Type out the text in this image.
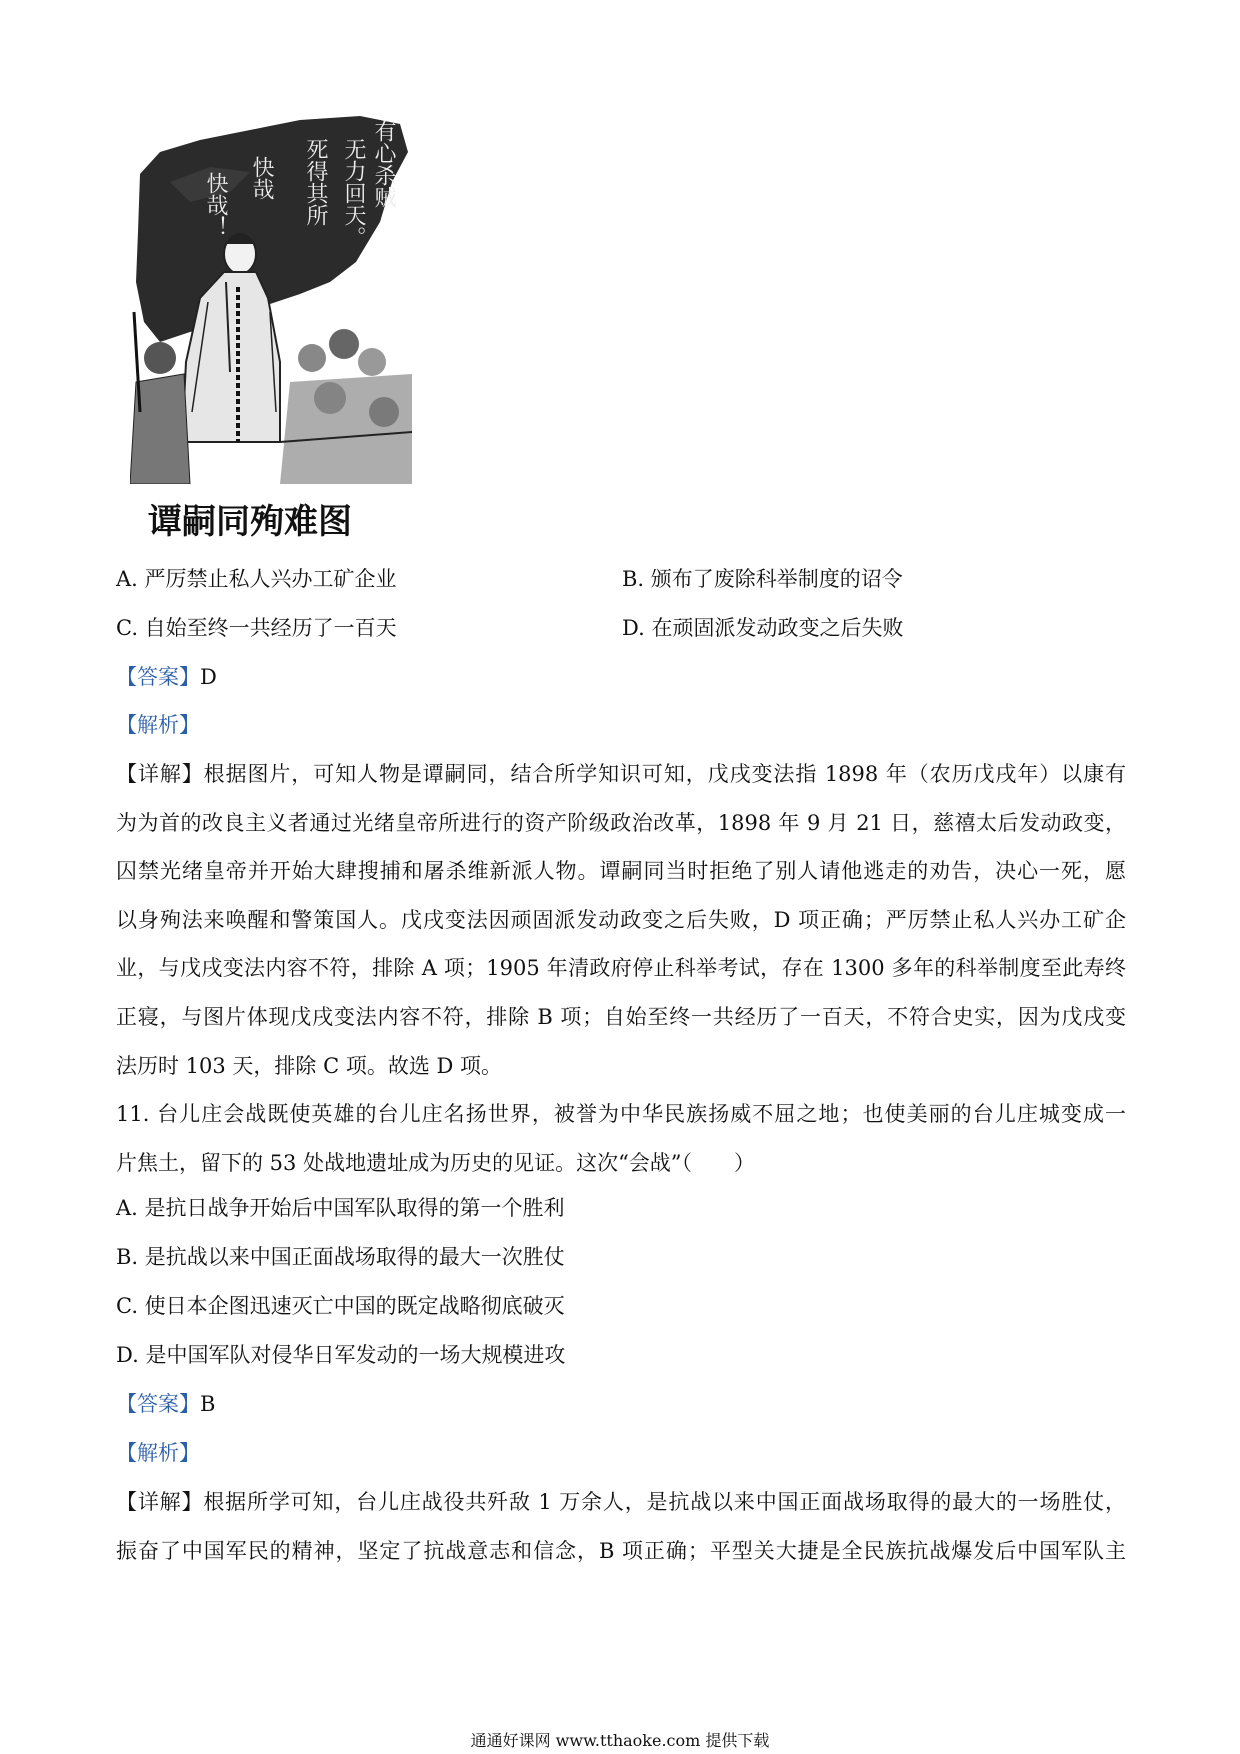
有心杀贼
无力回天。
死得其所
快哉
快哉！
谭嗣同殉难图
A. 严厉禁止私人兴办工矿企业	B. 颁布了废除科举制度的诏令
C. 自始至终一共经历了一百天	D. 在顽固派发动政变之后失败
【答案】D
【解析】
【详解】根据图片，可知人物是谭嗣同，结合所学知识可知，戊戌变法指 1898 年（农历戊戌年）以康有
为为首的改良主义者通过光绪皇帝所进行的资产阶级政治改革，1898 年 9 月 21 日，慈禧太后发动政变，
囚禁光绪皇帝并开始大肆搜捕和屠杀维新派人物。谭嗣同当时拒绝了别人请他逃走的劝告，决心一死，愿
以身殉法来唤醒和警策国人。戊戌变法因顽固派发动政变之后失败，D 项正确；严厉禁止私人兴办工矿企
业，与戊戌变法内容不符，排除 A 项；1905 年清政府停止科举考试，存在 1300 多年的科举制度至此寿终
正寝，与图片体现戊戌变法内容不符，排除 B 项；自始至终一共经历了一百天，不符合史实，因为戊戌变
法历时 103 天，排除 C 项。故选 D 项。
11. 台儿庄会战既使英雄的台儿庄名扬世界，被誉为中华民族扬威不屈之地；也使美丽的台儿庄城变成一
片焦土，留下的 53 处战地遗址成为历史的见证。这次“会战”（　　）
A. 是抗日战争开始后中国军队取得的第一个胜利
B. 是抗战以来中国正面战场取得的最大一次胜仗
C. 使日本企图迅速灭亡中国的既定战略彻底破灭
D. 是中国军队对侵华日军发动的一场大规模进攻
【答案】B
【解析】
【详解】根据所学可知，台儿庄战役共歼敌 1 万余人，是抗战以来中国正面战场取得的最大的一场胜仗，
振奋了中国军民的精神，坚定了抗战意志和信念，B 项正确；平型关大捷是全民族抗战爆发后中国军队主
通通好课网 www.tthaoke.com 提供下载
